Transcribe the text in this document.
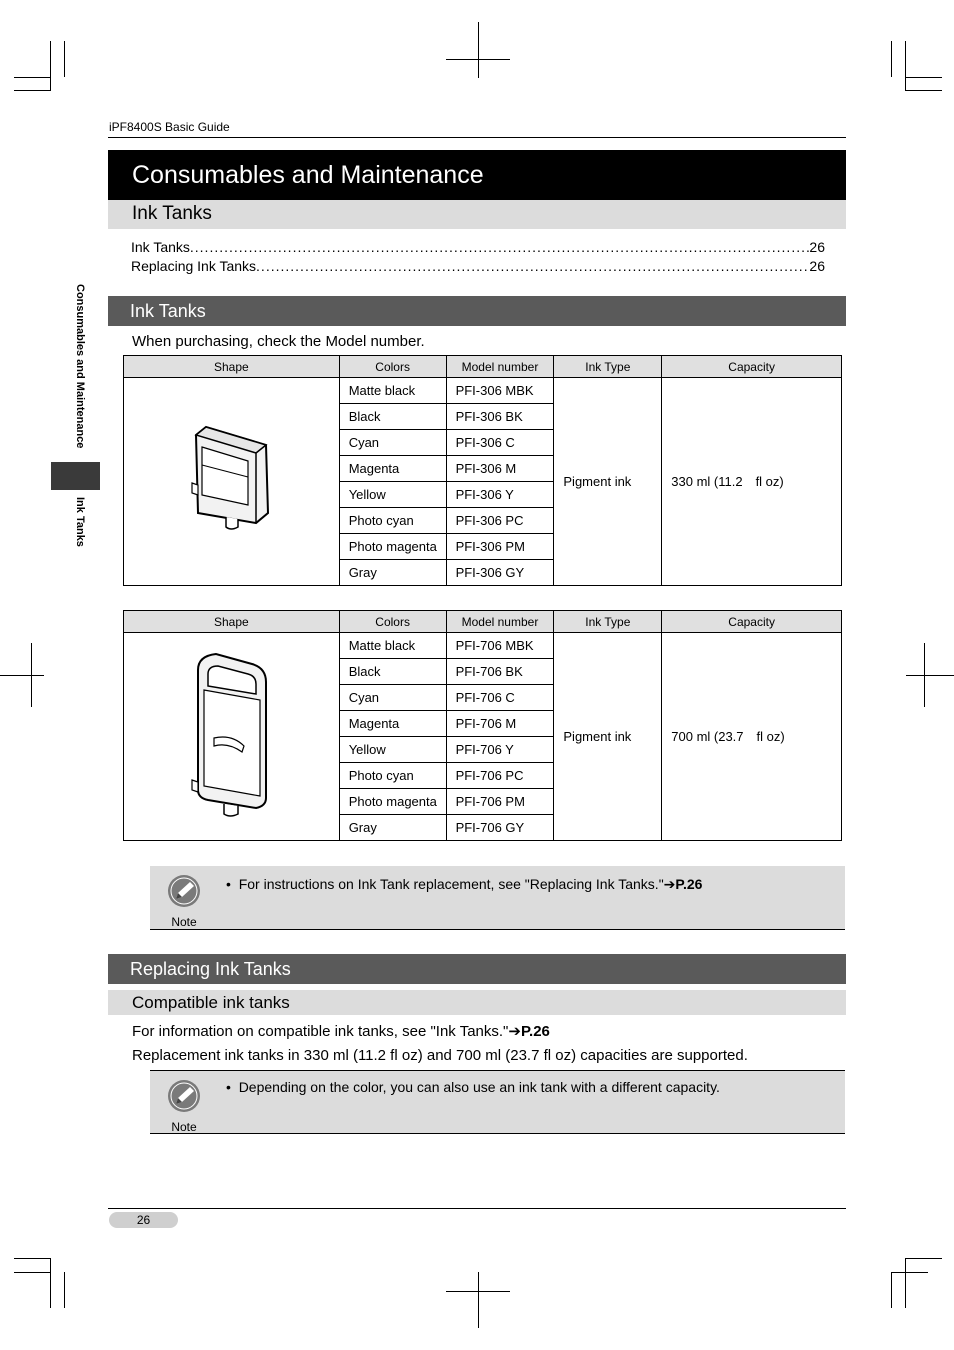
iPF8400S Basic Guide
Consumables and Maintenance
Ink Tanks
Ink Tanks .....	26
Replacing Ink Tanks .....	26
Consumables and Maintenance
Ink Tanks
Ink Tanks
When purchasing, check the Model number.
Shape	Colors	Model number	Ink Type	Capacity
	Matte black	PFI-306 MBK	Pigment ink	330 ml (11.2 fl oz)
	Black	PFI-306 BK		
	Cyan	PFI-306 C		
	Magenta	PFI-306 M		
	Yellow	PFI-306 Y		
	Photo cyan	PFI-306 PC		
	Photo magenta	PFI-306 PM		
	Gray	PFI-306 GY		
Shape	Colors	Model number	Ink Type	Capacity
	Matte black	PFI-706 MBK	Pigment ink	700 ml (23.7 fl oz)
	Black	PFI-706 BK		
	Cyan	PFI-706 C		
	Magenta	PFI-706 M		
	Yellow	PFI-706 Y		
	Photo cyan	PFI-706 PC		
	Photo magenta	PFI-706 PM		
	Gray	PFI-706 GY		
Note
•  For instructions on Ink Tank replacement, see "Replacing Ink Tanks."➔P.26
Replacing Ink Tanks
Compatible ink tanks
For information on compatible ink tanks, see "Ink Tanks."➔P.26
Replacement ink tanks in 330 ml (11.2 fl oz) and 700 ml (23.7 fl oz) capacities are supported.
Note
•  Depending on the color, you can also use an ink tank with a different capacity.
26
